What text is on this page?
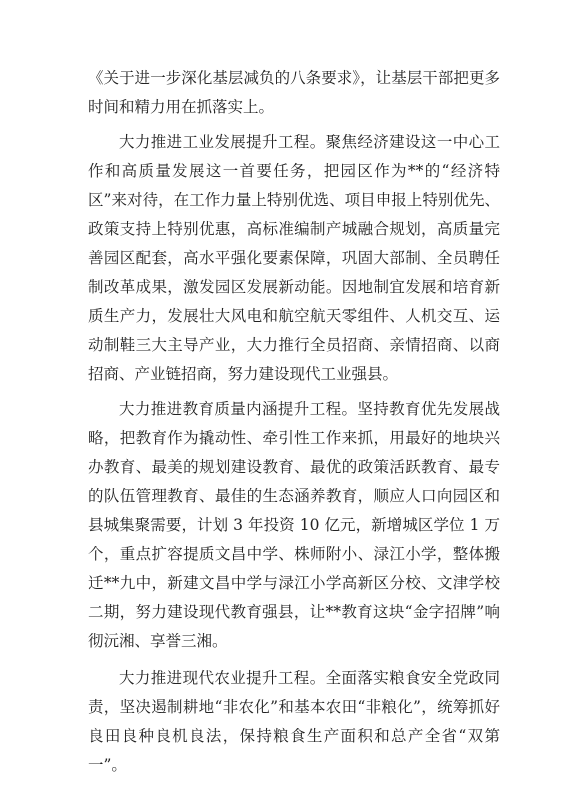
《关于进一步深化基层减负的八条要求》，让基层干部把更多时间和精力用在抓落实上。

大力推进工业发展提升工程。聚焦经济建设这一中心工作和高质量发展这一首要任务，把园区作为**的“经济特区”来对待，在工作力量上特别优选、项目申报上特别优先、政策支持上特别优惠，高标准编制产城融合规划，高质量完善园区配套，高水平强化要素保障，巩固大部制、全员聘任制改革成果，激发园区发展新动能。因地制宜发展和培育新质生产力，发展壮大风电和航空航天零组件、人机交互、运动制鞋三大主导产业，大力推行全员招商、亲情招商、以商招商、产业链招商，努力建设现代工业强县。

大力推进教育质量内涵提升工程。坚持教育优先发展战略，把教育作为撬动性、牵引性工作来抓，用最好的地块兴办教育、最美的规划建设教育、最优的政策活跃教育、最专的队伍管理教育、最佳的生态涵养教育，顺应人口向园区和县城集聚需要，计划 3 年投资 10 亿元，新增城区学位 1 万个，重点扩容提质文昌中学、株师附小、渌江小学，整体搬迁**九中，新建文昌中学与渌江小学高新区分校、文津学校二期，努力建设现代教育强县，让**教育这块“金字招牌”响彻沅湘、享誉三湘。

大力推进现代农业提升工程。全面落实粮食安全党政同责，坚决遏制耕地“非农化”和基本农田“非粮化”，统筹抓好良田良种良机良法，保持粮食生产面积和总产全省“双第一”。
